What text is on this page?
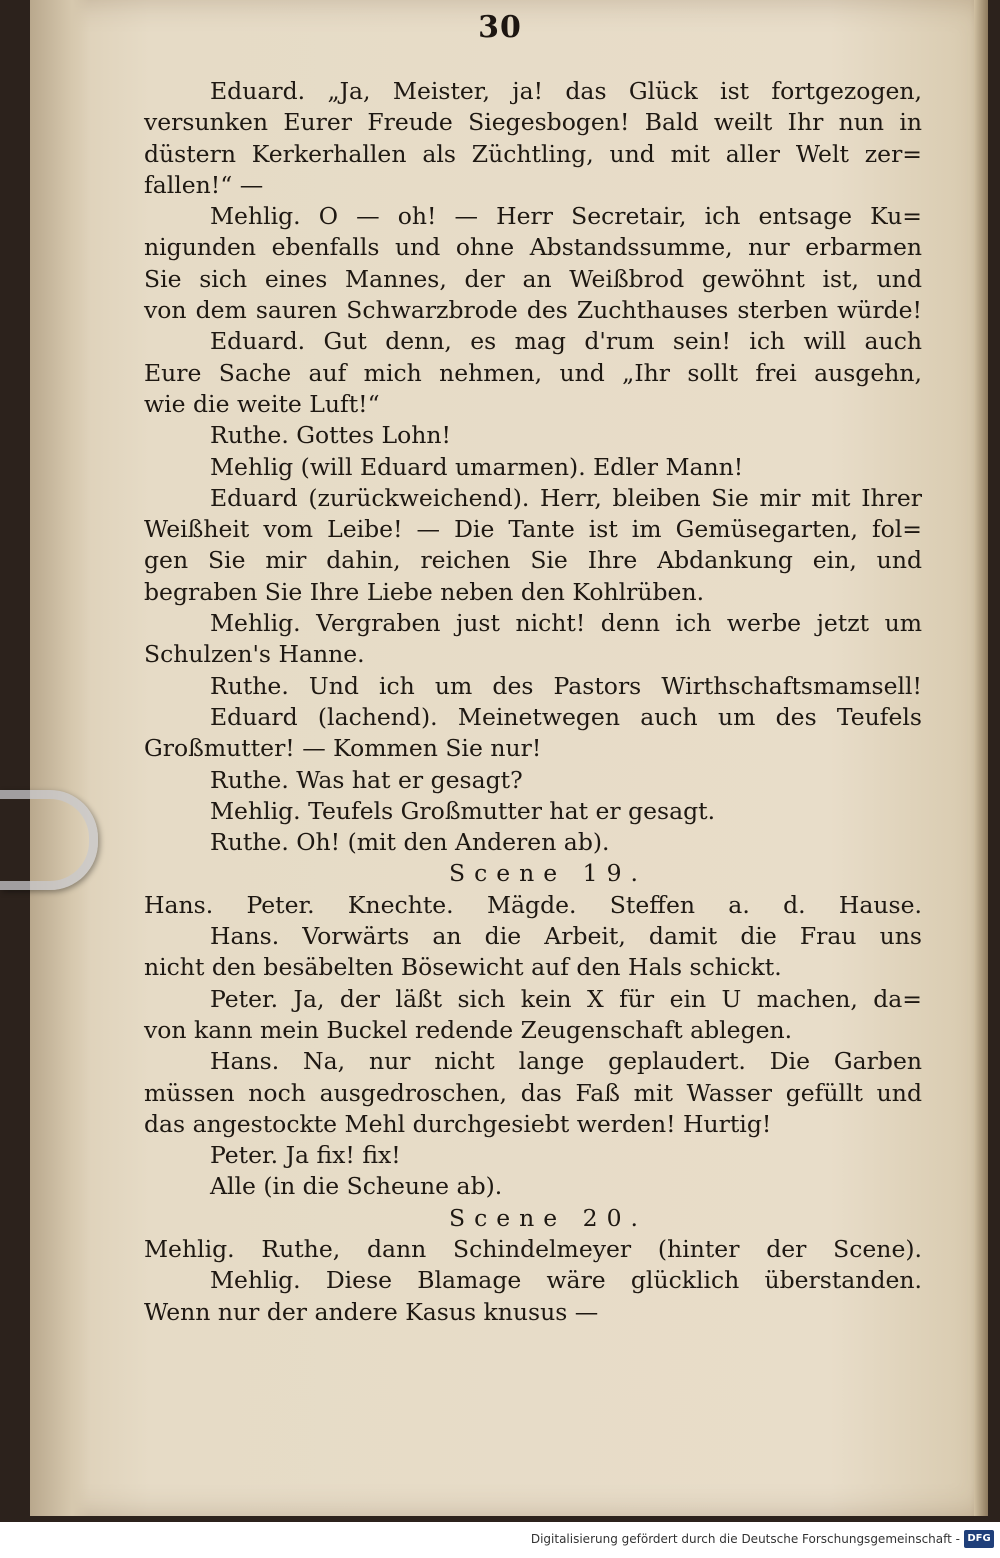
30
Eduard. „Ja, Meister, ja! das Glück ist fortgezogen,
versunken Eurer Freude Siegesbogen! Bald weilt Ihr nun in
düstern Kerkerhallen als Züchtling, und mit aller Welt zer=
fallen!“ —
Mehlig. O — oh! — Herr Secretair, ich entsage Ku=
nigunden ebenfalls und ohne Abstandssumme, nur erbarmen
Sie sich eines Mannes, der an Weißbrod gewöhnt ist, und
von dem sauren Schwarzbrode des Zuchthauses sterben würde!
Eduard. Gut denn, es mag d'rum sein! ich will auch
Eure Sache auf mich nehmen, und „Ihr sollt frei ausgehn,
wie die weite Luft!“
Ruthe. Gottes Lohn!
Mehlig (will Eduard umarmen). Edler Mann!
Eduard (zurückweichend). Herr, bleiben Sie mir mit Ihrer
Weißheit vom Leibe! — Die Tante ist im Gemüsegarten, fol=
gen Sie mir dahin, reichen Sie Ihre Abdankung ein, und
begraben Sie Ihre Liebe neben den Kohlrüben.
Mehlig. Vergraben just nicht! denn ich werbe jetzt um
Schulzen's Hanne.
Ruthe. Und ich um des Pastors Wirthschaftsmamsell!
Eduard (lachend). Meinetwegen auch um des Teufels
Großmutter! — Kommen Sie nur!
Ruthe. Was hat er gesagt?
Mehlig. Teufels Großmutter hat er gesagt.
Ruthe. Oh! (mit den Anderen ab).
Scene 19.
Hans. Peter. Knechte. Mägde. Steffen a. d. Hause.
Hans. Vorwärts an die Arbeit, damit die Frau uns
nicht den besäbelten Bösewicht auf den Hals schickt.
Peter. Ja, der läßt sich kein X für ein U machen, da=
von kann mein Buckel redende Zeugenschaft ablegen.
Hans. Na, nur nicht lange geplaudert. Die Garben
müssen noch ausgedroschen, das Faß mit Wasser gefüllt und
das angestockte Mehl durchgesiebt werden! Hurtig!
Peter. Ja fix! fix!
Alle (in die Scheune ab).
Scene 20.
Mehlig. Ruthe, dann Schindelmeyer (hinter der Scene).
Mehlig. Diese Blamage wäre glücklich überstanden.
Wenn nur der andere Kasus knusus —
Digitalisierung gefördert durch die Deutsche Forschungsgemeinschaft - DFG
